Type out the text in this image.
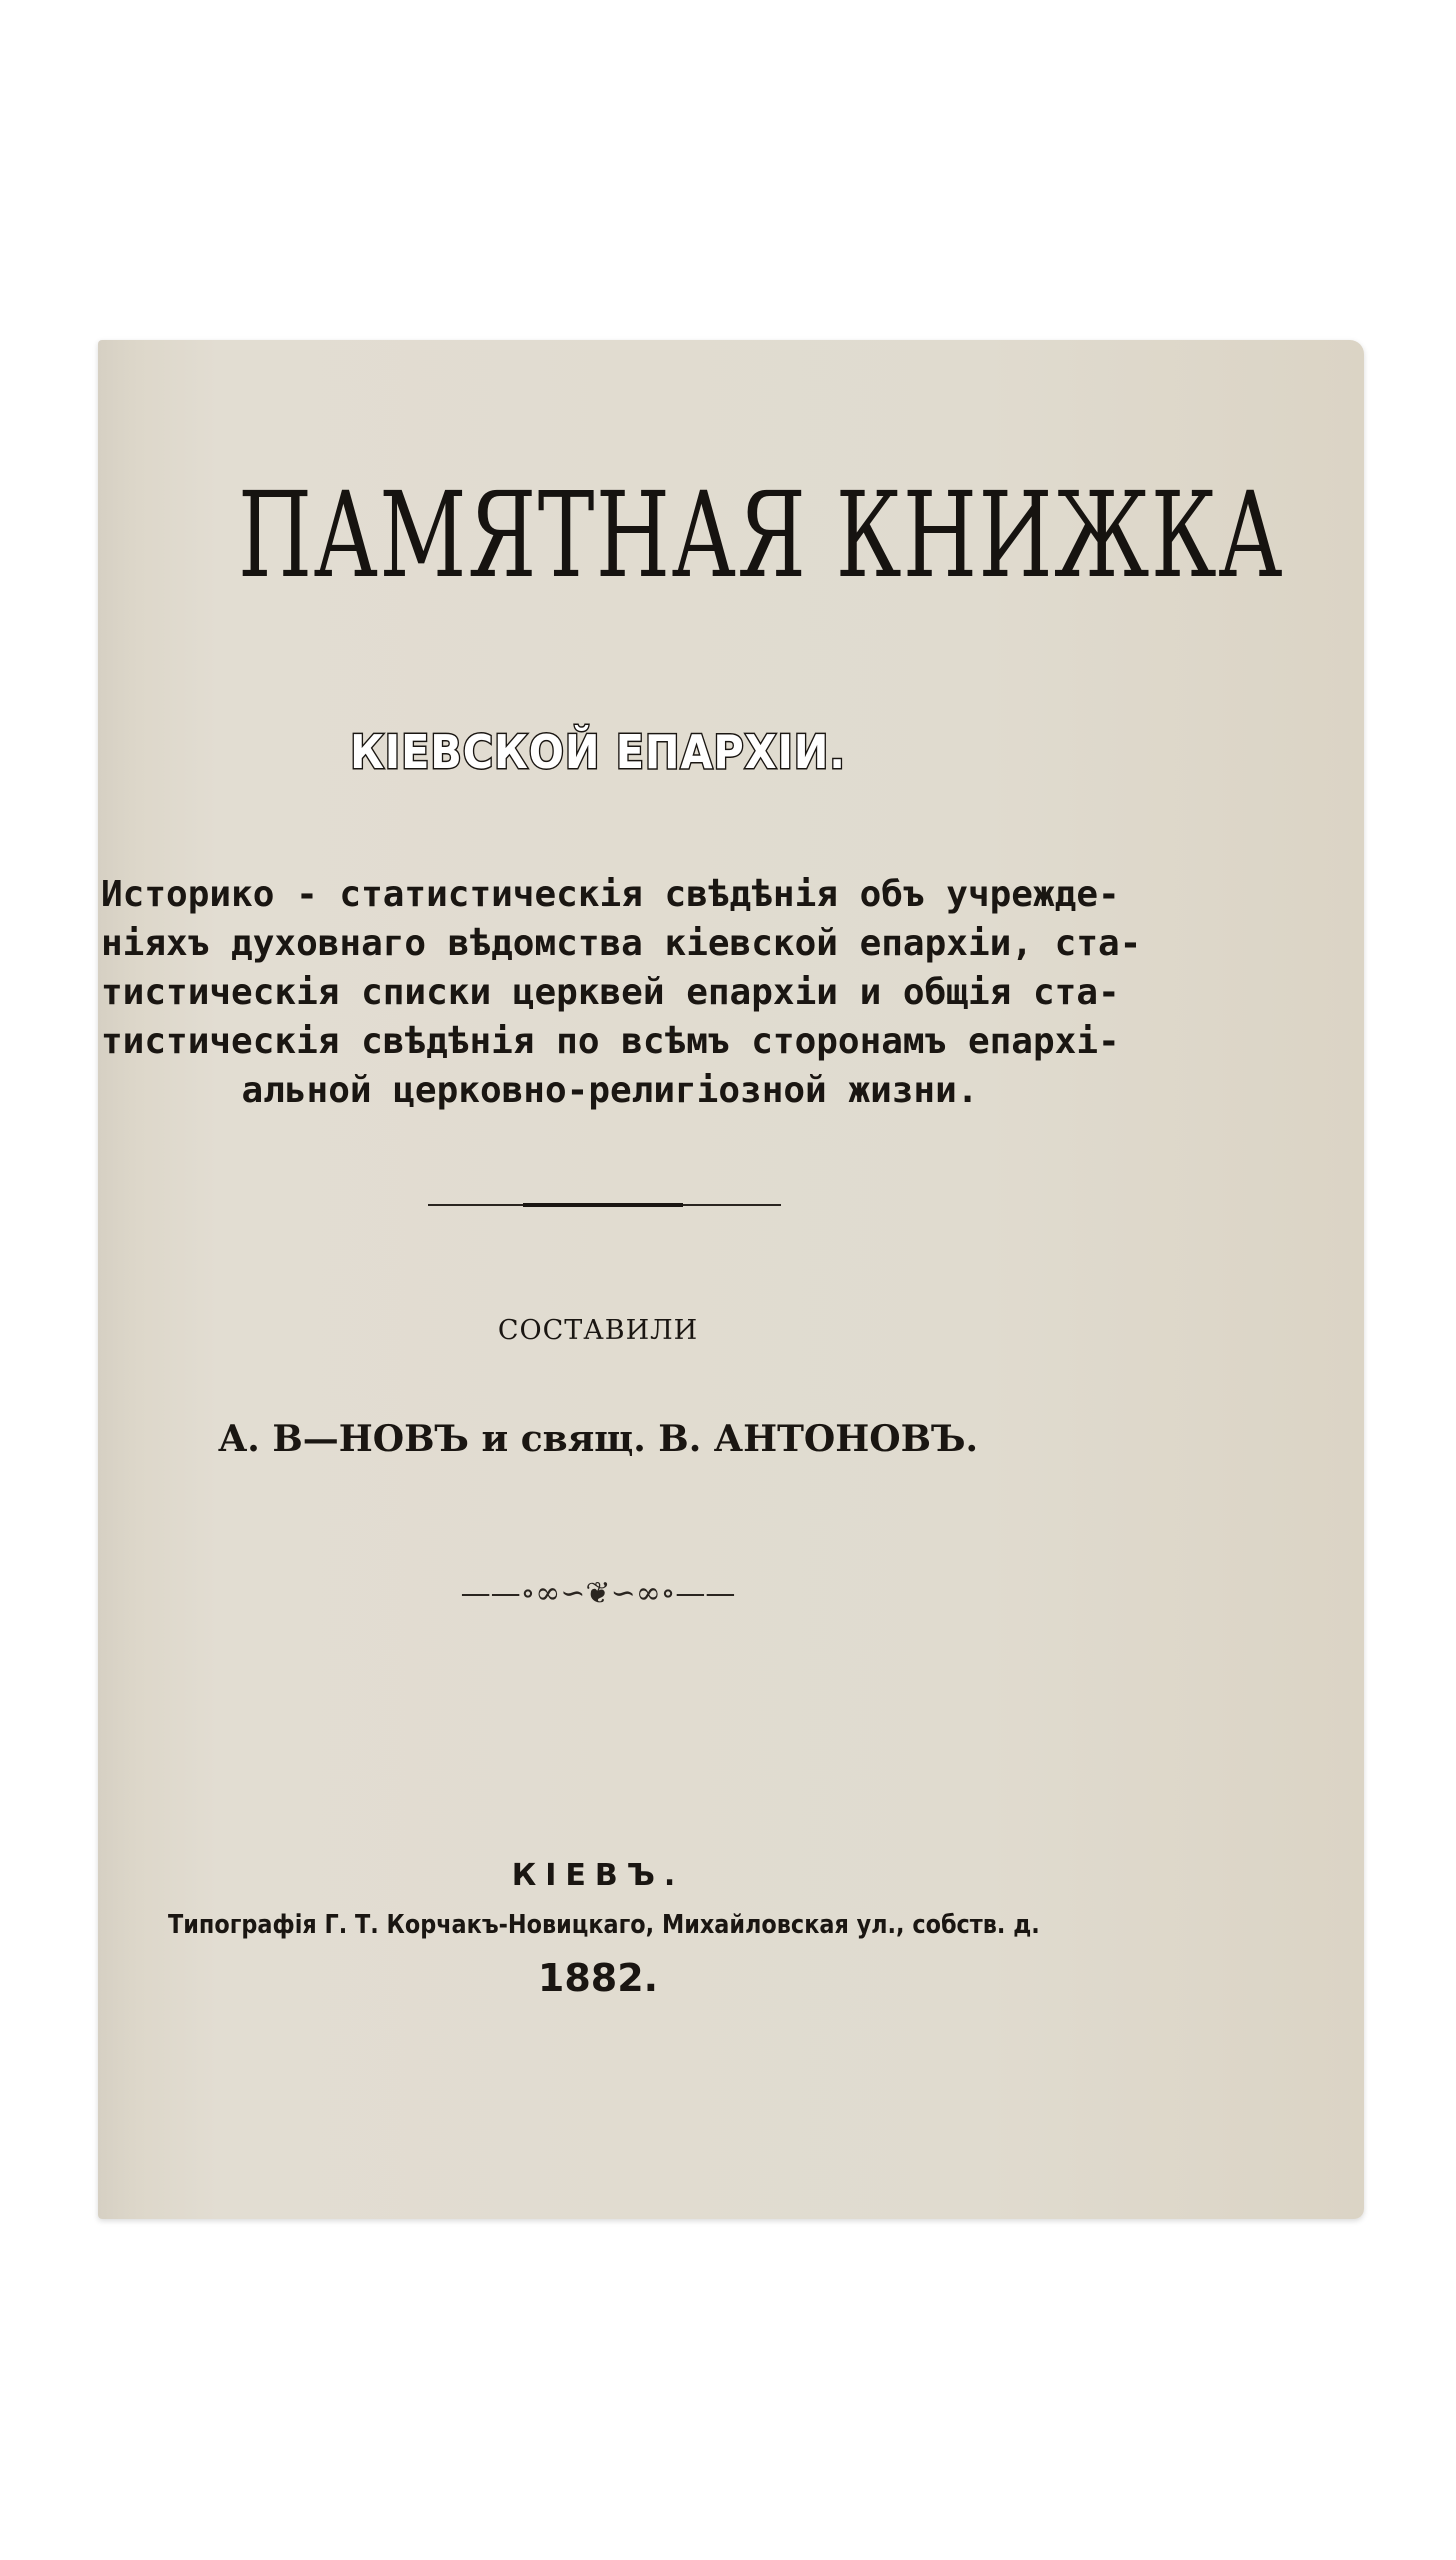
ПАМЯТНАЯ КНИЖКА
КІЕВСКОЙ ЕПАРХІИ.
Историко - статистическія свѣдѣнія объ учрежде-
ніяхъ духовнаго вѣдомства кіевской епархіи, ста-
тистическія списки церквей епархіи и общія ста-
тистическія свѣдѣнія по всѣмъ сторонамъ епархі-
альной церковно-религіозной жизни.
СОСТАВИЛИ
А. В—НОВЪ и свящ. В. АНТОНОВЪ.
——∘∞∽❦∽∞∘——
КІЕВЪ.
Типографія Г. Т. Корчакъ-Новицкаго, Михайловская ул., собств. д.
1882.
